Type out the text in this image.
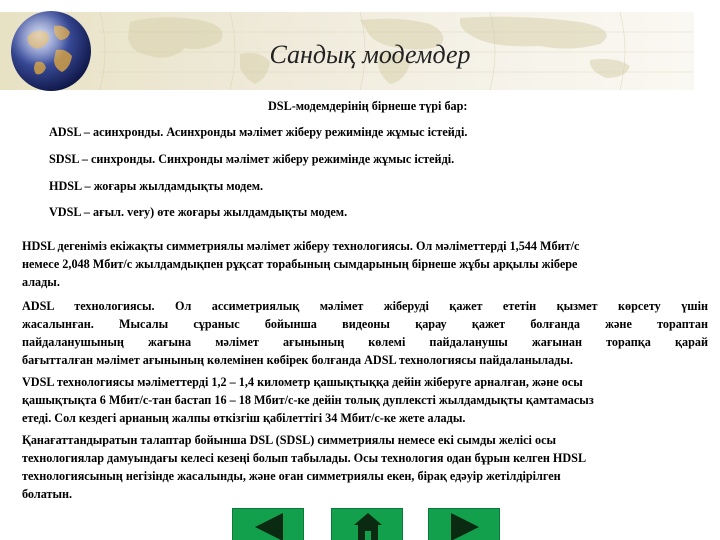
Сандық модемдер

DSL-модемдерінің бірнеше түрі бар:

ADSL – асинхронды. Асинхронды мәлімет жіберу режимінде жұмыс істейді.

SDSL – синхронды. Синхронды мәлімет жіберу режимінде жұмыс істейді.

HDSL – жоғары жылдамдықты модем.

VDSL – ағыл. very) өте жоғары жылдамдықты модем.

HDSL дегеніміз екіжақты симметриялы мәлімет жіберу технологиясы. Ол мәліметтерді 1,544 Мбит/с
немесе 2,048 Мбит/с жылдамдықпен рұқсат торабының сымдарының бірнеше жұбы арқылы жібере
алады.
ADSL технологиясы. Ол ассиметриялық мәлімет жіберуді қажет ететін қызмет көрсету үшін
жасалынған. Мысалы сұраныс бойынша видеоны қарау қажет болғанда және тораптан
пайдаланушының жағына мәлімет ағынының көлемі пайдаланушы жағынан торапқа қарай
бағытталған мәлімет ағынының көлемінен көбірек болғанда ADSL технологиясы пайдаланылады.
VDSL технологиясы мәліметтерді 1,2 – 1,4 километр қашықтыққа дейін жіберуге арналған, және осы
қашықтықта 6 Мбит/с-тан бастап 16 – 18 Мбит/с-ке дейін толық дуплексті жылдамдықты қамтамасыз
етеді. Сол кездегі арнаның жалпы өткізгіш қабілеттігі 34 Мбит/с-ке жете алады.
Қанағаттандыратын талаптар бойынша DSL (SDSL) симметриялы немесе екі сымды желісі осы
технологиялар дамуындағы келесі кезеңі болып табылады. Осы технология одан бұрын келген HDSL
технологиясының негізінде жасалынды, және оған симметриялы екен, бірақ едәуір жетілдірілген
болатын.
